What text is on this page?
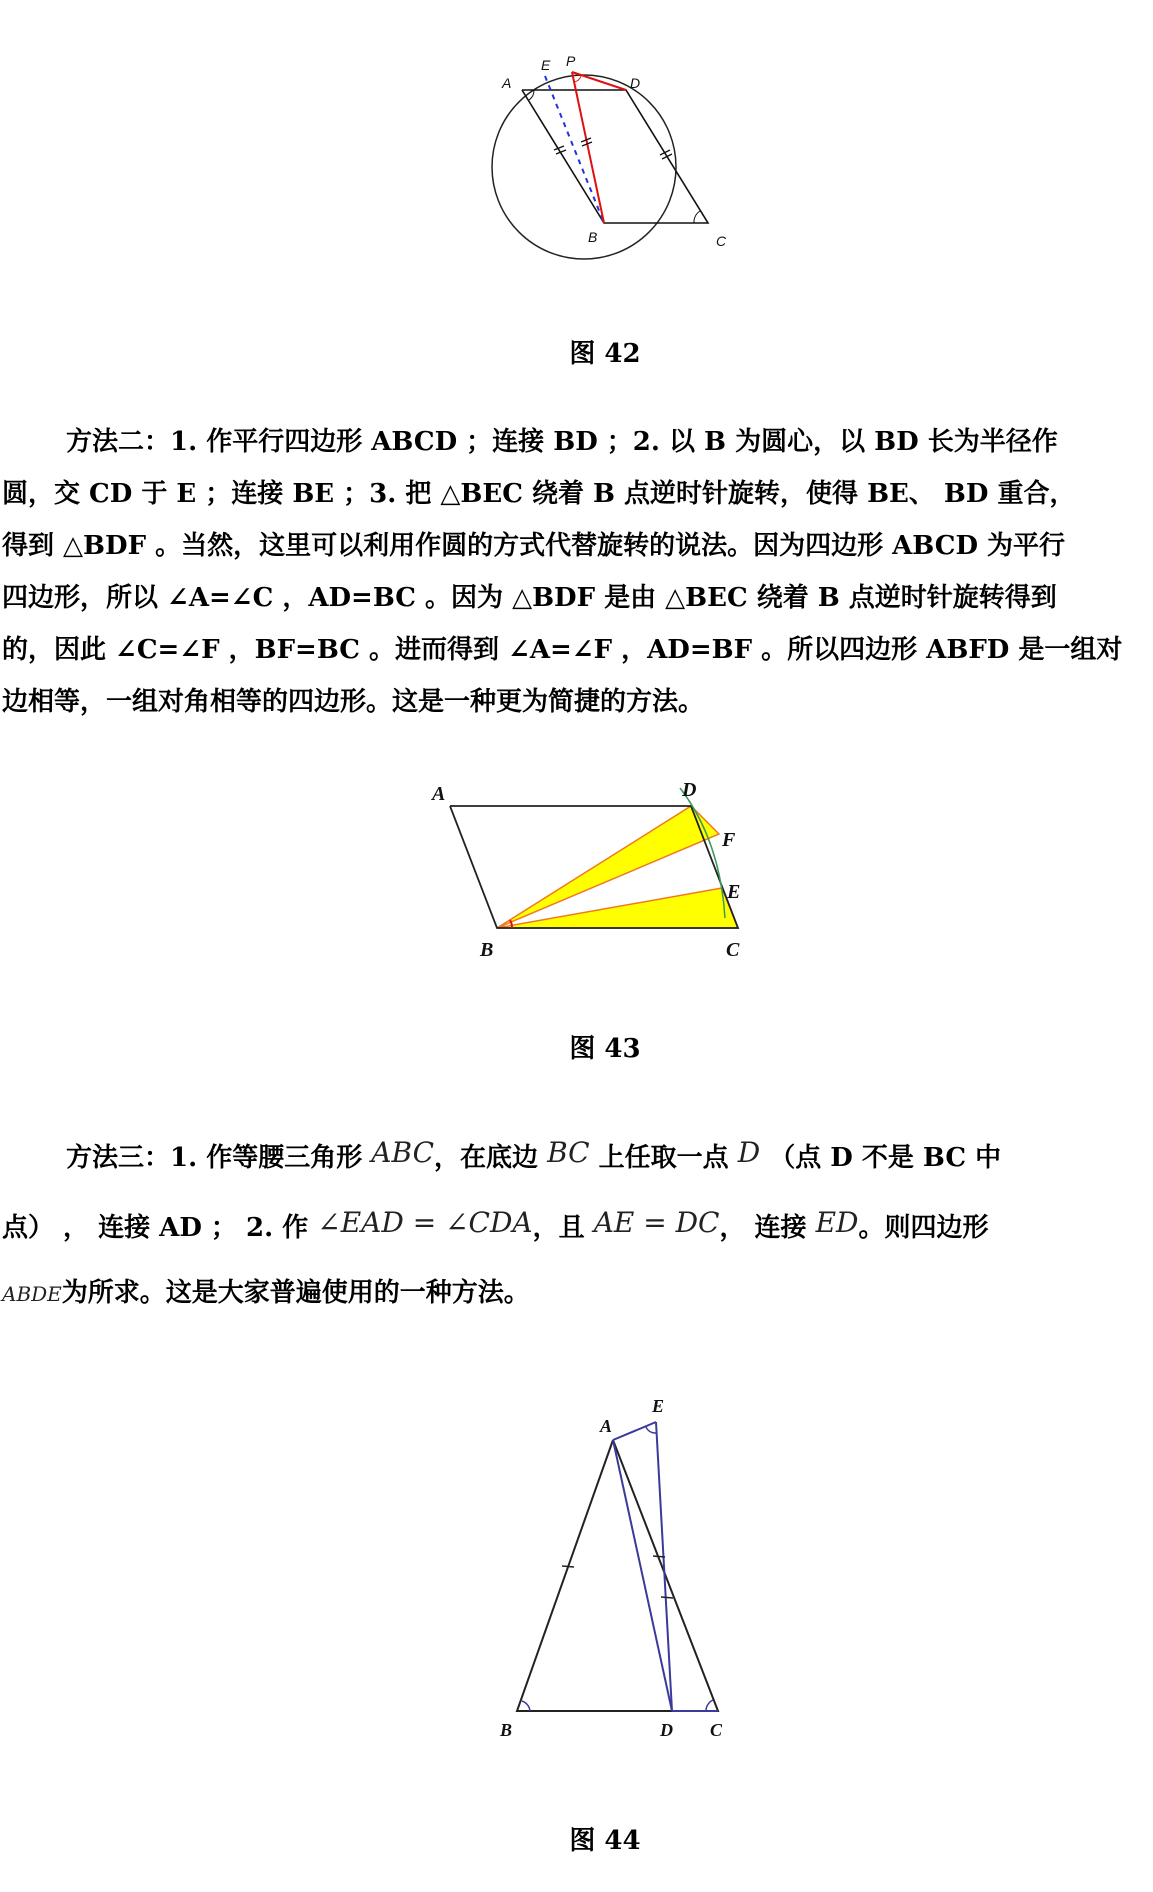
A
E P
D
B	C
图 42
方法二：1. 作平行四边形 ABCD ；连接 BD ；2. 以 B 为圆心，以 BD 长为半径作
圆，交 CD 于 E ；连接 BE ；3. 把 △BEC 绕着 B 点逆时针旋转，使得 BE、 BD 重合，
得到 △BDF 。当然，这里可以利用作圆的方式代替旋转的说法。因为四边形 ABCD 为平行
四边形，所以 ∠A=∠C ，AD=BC 。因为 △BDF 是由 △BEC 绕着 B 点逆时针旋转得到
的，因此 ∠C=∠F ，BF=BC 。进而得到 ∠A=∠F ，AD=BF 。所以四边形 ABFD 是一组对
边相等，一组对角相等的四边形。这是一种更为简捷的方法。
A	D
F
E
B	C
图 43
方法三：1. 作等腰三角形 ABC，在底边 BC 上任取一点 D （点 D 不是 BC 中
点） ， 连接 AD ； 2. 作 ∠EAD = ∠CDA，且 AE = DC， 连接 ED。则四边形
ABDE为所求。这是大家普遍使用的一种方法。
A
E
B	D C
图 44
